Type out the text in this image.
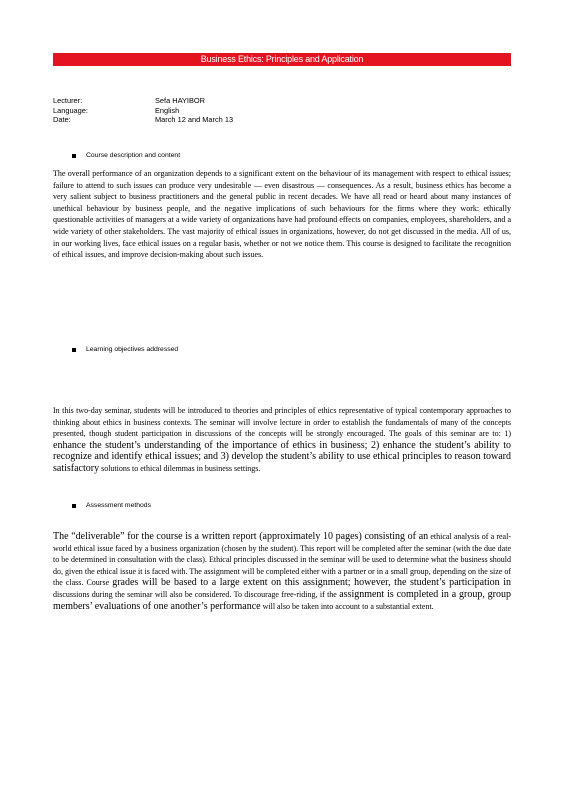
Business Ethics: Principles and Application
Lecturer:	Sefa HAYIBOR
Language:	English
Date:	March 12 and March 13
Course description and content
The overall performance of an organization depends to a significant extent on the behaviour of its management with respect to ethical issues; failure to attend to such issues can produce very undesirable — even disastrous — consequences. As a result, business ethics has become a very salient subject to business practitioners and the general public in recent decades. We have all read or heard about many instances of unethical behaviour by business people, and the negative implications of such behaviours for the firms where they work: ethically questionable activities of managers at a wide variety of organizations have had profound effects on companies, employees, shareholders, and a wide variety of other stakeholders. The vast majority of ethical issues in organizations, however, do not get discussed in the media. All of us, in our working lives, face ethical issues on a regular basis, whether or not we notice them. This course is designed to facilitate the recognition of ethical issues, and improve decision-making about such issues.
Learning objectives addressed
In this two-day seminar, students will be introduced to theories and principles of ethics representative of typical contemporary approaches to thinking about ethics in business contexts. The seminar will involve lecture in order to establish the fundamentals of many of the concepts presented, though student participation in discussions of the concepts will be strongly encouraged. The goals of this seminar are to: 1) enhance the student’s understanding of the importance of ethics in business; 2) enhance the student’s ability to recognize and identify ethical issues; and 3) develop the student’s ability to use ethical principles to reason toward satisfactory solutions to ethical dilemmas in business settings.
Assessment methods
The “deliverable” for the course is a written report (approximately 10 pages) consisting of an ethical analysis of a real-world ethical issue faced by a business organization (chosen by the student). This report will be completed after the seminar (with the due date to be determined in consultation with the class). Ethical principles discussed in the seminar will be used to determine what the business should do, given the ethical issue it is faced with. The assignment will be completed either with a partner or in a small group, depending on the size of the class. Course grades will be based to a large extent on this assignment; however, the student’s participation in discussions during the seminar will also be considered. To discourage free-riding, if the assignment is completed in a group, group members’ evaluations of one another’s performance will also be taken into account to a substantial extent.
